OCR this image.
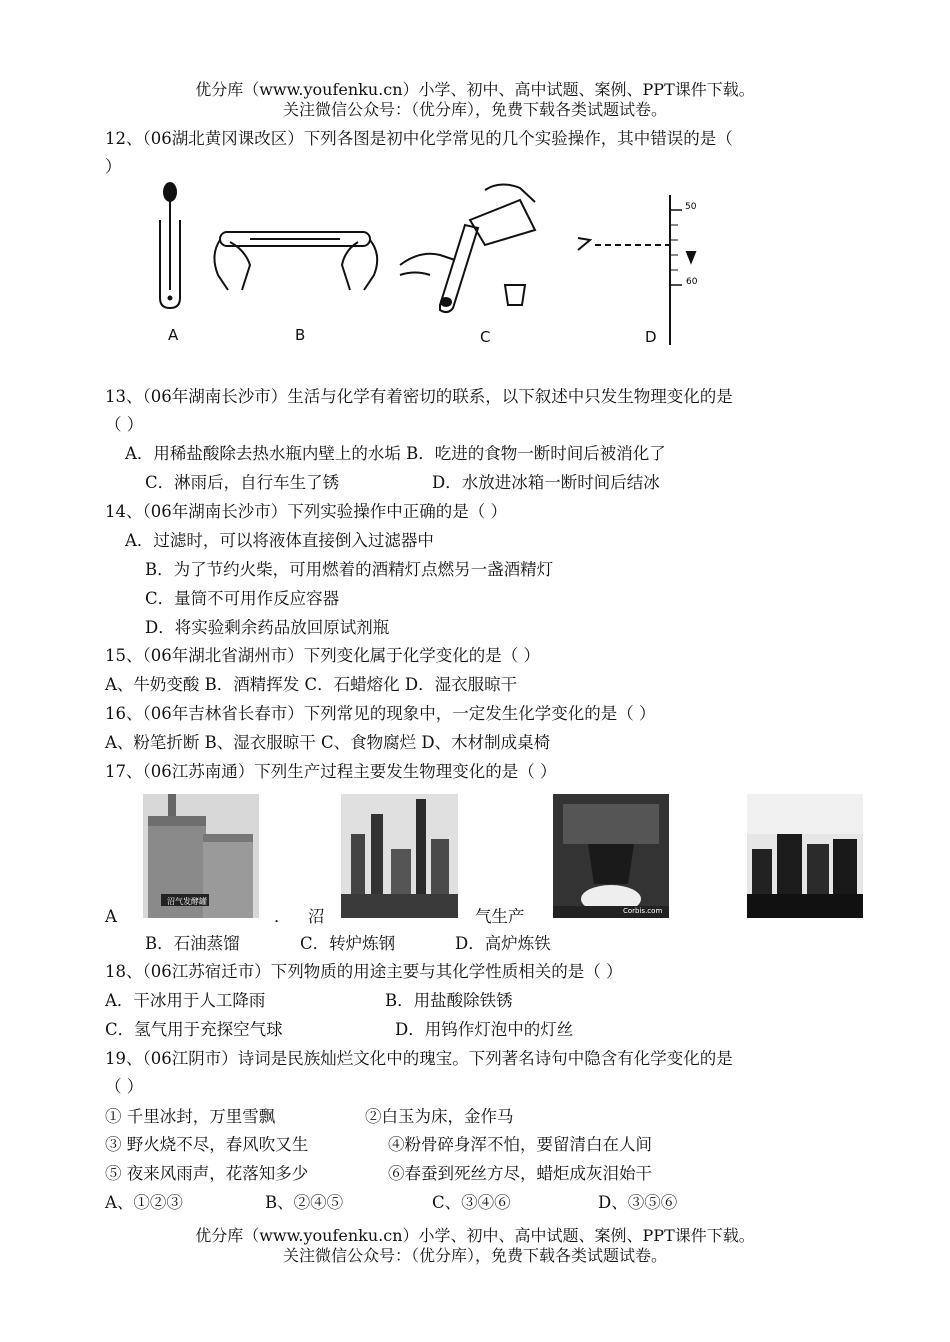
优分库（www.youfenku.cn）小学、初中、高中试题、案例、PPT课件下载。
关注微信公众号：（优分库），免费下载各类试题试卷。
12、（06湖北黄冈课改区）下列各图是初中化学常见的几个实验操作，其中错误的是（
）
50
60
A	B	C	D
13、（06年湖南长沙市）生活与化学有着密切的联系，以下叙述中只发生物理变化的是
（ ）
A．用稀盐酸除去热水瓶内壁上的水垢 B．吃进的食物一断时间后被消化了
C．淋雨后，自行车生了锈	D．水放进冰箱一断时间后结冰
14、（06年湖南长沙市）下列实验操作中正确的是（ ）
A．过滤时，可以将液体直接倒入过滤器中
B．为了节约火柴，可用燃着的酒精灯点燃另一盏酒精灯
C．量筒不可用作反应容器
D．将实验剩余药品放回原试剂瓶
15、（06年湖北省湖州市）下列变化属于化学变化的是（ ）
A、牛奶变酸 B．酒精挥发 C．石蜡熔化 D．湿衣服晾干
16、（06年吉林省长春市）下列常见的现象中，一定发生化学变化的是（ ）
A、粉笔折断 B、湿衣服晾干 C、食物腐烂 D、木材制成桌椅
17、（06江苏南通）下列生产过程主要发生物理变化的是（ ）
沼气发酵罐
Corbis.com
A	． 沼	气生产
B．石油蒸馏	C．转炉炼钢	D．高炉炼铁
18、（06江苏宿迁市）下列物质的用途主要与其化学性质相关的是（ ）
A．干冰用于人工降雨	B．用盐酸除铁锈
C．氢气用于充探空气球	D．用钨作灯泡中的灯丝
19、（06江阴市）诗词是民族灿烂文化中的瑰宝。下列著名诗句中隐含有化学变化的是
（ ）
① 千里冰封，万里雪飘	②白玉为床，金作马
③ 野火烧不尽，春风吹又生	④粉骨碎身浑不怕，要留清白在人间
⑤ 夜来风雨声，花落知多少	⑥春蚕到死丝方尽，蜡炬成灰泪始干
A、①②③	B、②④⑤	C、③④⑥	D、③⑤⑥
优分库（www.youfenku.cn）小学、初中、高中试题、案例、PPT课件下载。
关注微信公众号：（优分库），免费下载各类试题试卷。
